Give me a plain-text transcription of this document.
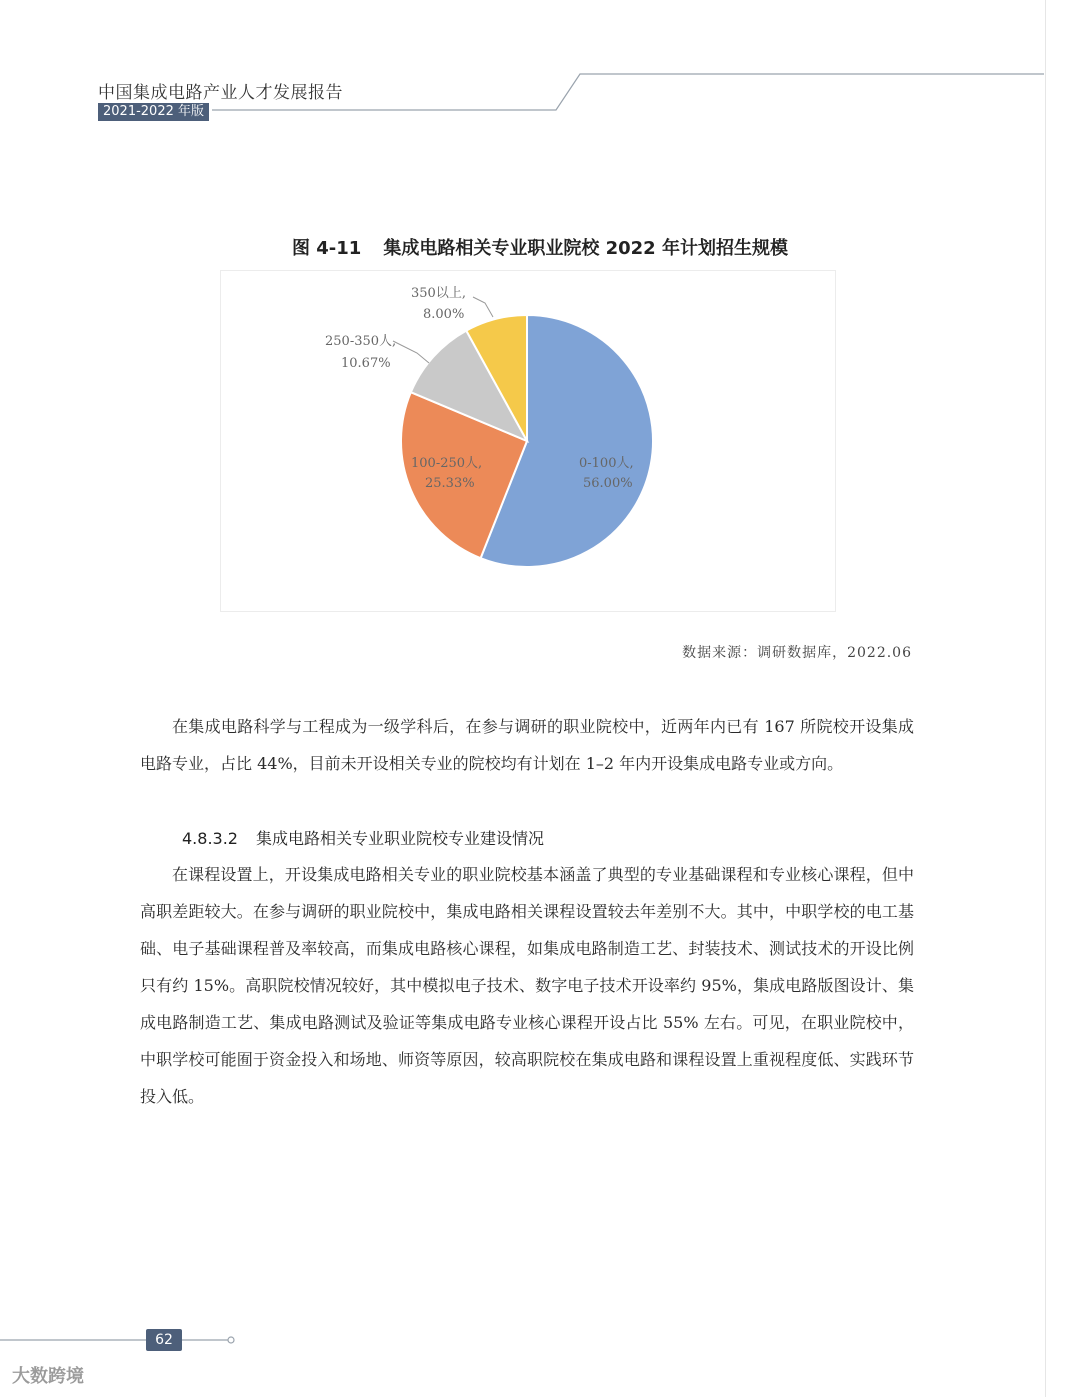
中国集成电路产业人才发展报告
2021-2022 年版
图 4-11 集成电路相关专业职业院校 2022 年计划招生规模
0-100人,
56.00%
100-250人,
25.33%
250-350人,
10.67%
350以上,
8.00%
数据来源：调研数据库，2022.06

在集成电路科学与工程成为一级学科后，在参与调研的职业院校中，近两年内已有 167 所院校开设集成电路专业，占比 44%，目前未开设相关专业的院校均有计划在 1–2 年内开设集成电路专业或方向。

4.8.3.2 集成电路相关专业职业院校专业建设情况

在课程设置上，开设集成电路相关专业的职业院校基本涵盖了典型的专业基础课程和专业核心课程，但中高职差距较大。在参与调研的职业院校中，集成电路相关课程设置较去年差别不大。其中，中职学校的电工基础、电子基础课程普及率较高，而集成电路核心课程，如集成电路制造工艺、封装技术、测试技术的开设比例只有约 15%。高职院校情况较好，其中模拟电子技术、数字电子技术开设率约 95%，集成电路版图设计、集成电路制造工艺、集成电路测试及验证等集成电路专业核心课程开设占比 55% 左右。可见，在职业院校中，中职学校可能囿于资金投入和场地、师资等原因，较高职院校在集成电路和课程设置上重视程度低、实践环节投入低。

62
大数跨境
